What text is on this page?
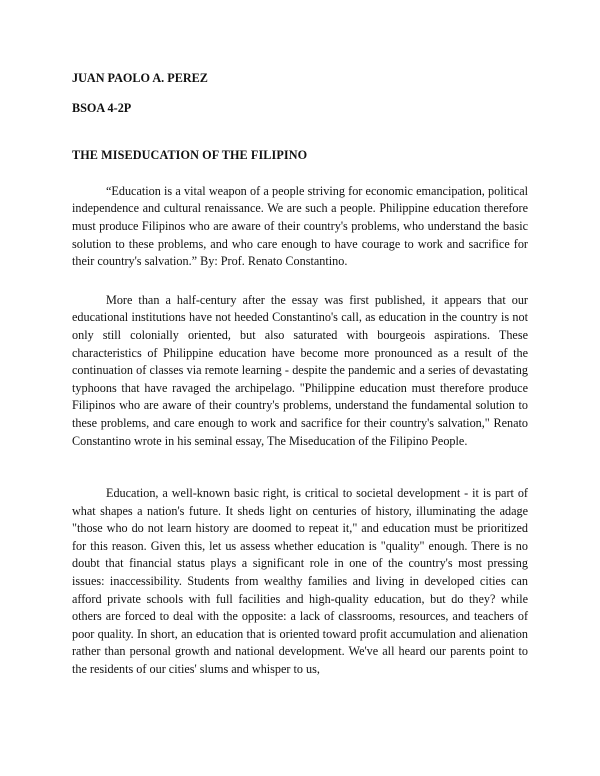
JUAN PAOLO A. PEREZ

BSOA 4-2P

THE MISEDUCATION OF THE FILIPINO

“Education is a vital weapon of a people striving for economic emancipation, political independence and cultural renaissance. We are such a people. Philippine education therefore must produce Filipinos who are aware of their country's problems, who understand the basic solution to these problems, and who care enough to have courage to work and sacrifice for their country's salvation.” By: Prof. Renato Constantino.

More than a half-century after the essay was first published, it appears that our educational institutions have not heeded Constantino's call, as education in the country is not only still colonially oriented, but also saturated with bourgeois aspirations. These characteristics of Philippine education have become more pronounced as a result of the continuation of classes via remote learning - despite the pandemic and a series of devastating typhoons that have ravaged the archipelago. "Philippine education must therefore produce Filipinos who are aware of their country's problems, understand the fundamental solution to these problems, and care enough to work and sacrifice for their country's salvation," Renato Constantino wrote in his seminal essay, The Miseducation of the Filipino People.

Education, a well-known basic right, is critical to societal development - it is part of what shapes a nation's future. It sheds light on centuries of history, illuminating the adage "those who do not learn history are doomed to repeat it," and education must be prioritized for this reason. Given this, let us assess whether education is "quality" enough. There is no doubt that financial status plays a significant role in one of the country's most pressing issues: inaccessibility. Students from wealthy families and living in developed cities can afford private schools with full facilities and high-quality education, but do they? while others are forced to deal with the opposite: a lack of classrooms, resources, and teachers of poor quality. In short, an education that is oriented toward profit accumulation and alienation rather than personal growth and national development. We've all heard our parents point to the residents of our cities' slums and whisper to us,
